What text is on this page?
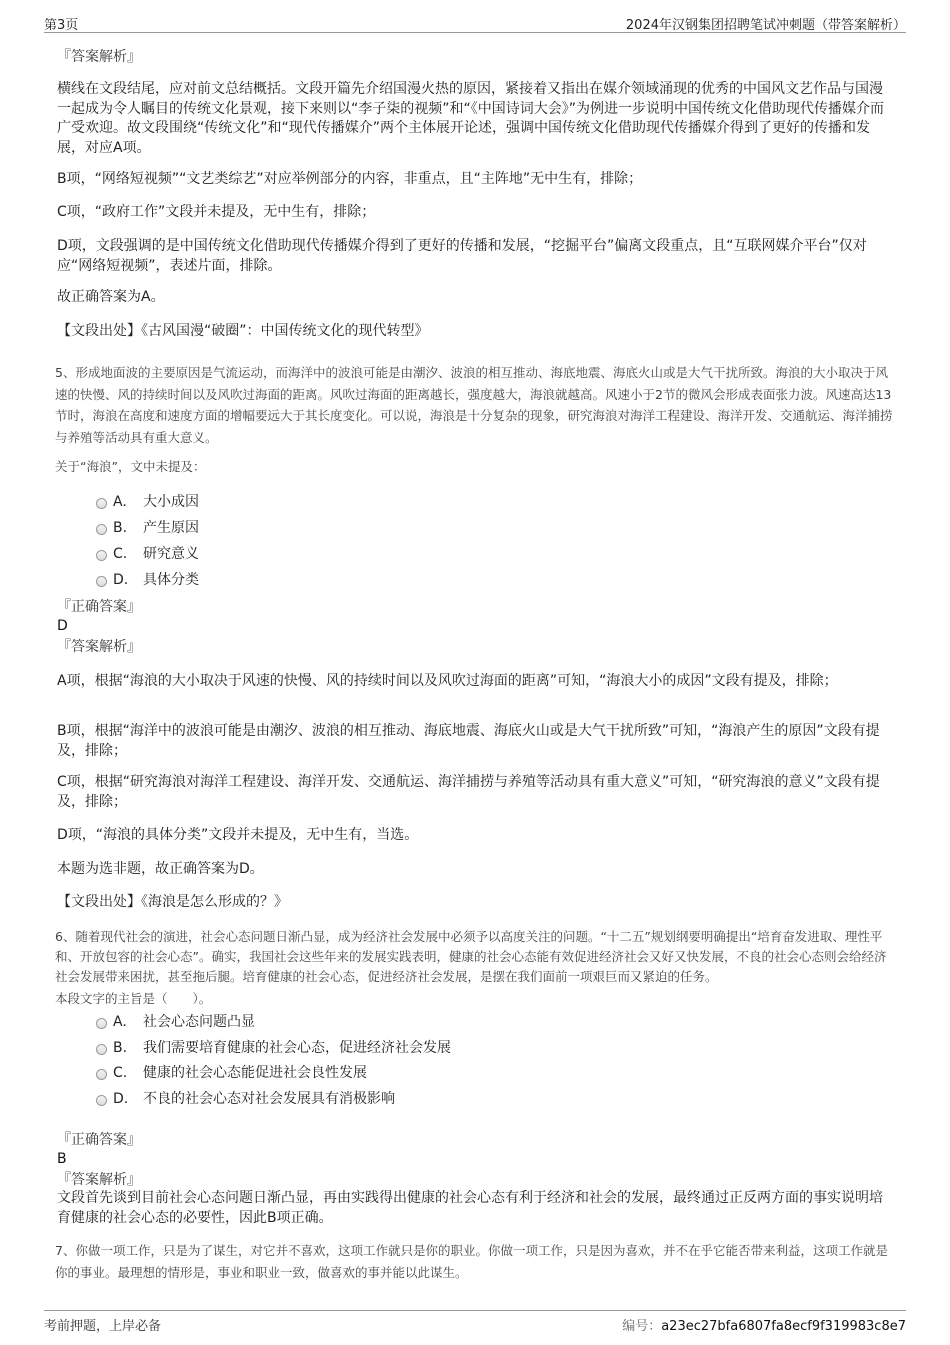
第3页	2024年汉钢集团招聘笔试冲刺题（带答案解析）
『答案解析』
横线在文段结尾，应对前文总结概括。文段开篇先介绍国漫火热的原因，紧接着又指出在媒介领域涌现的优秀的中国风文艺作品与国漫一起成为令人瞩目的传统文化景观，接下来则以“李子柒的视频”和“《中国诗词大会》”为例进一步说明中国传统文化借助现代传播媒介而广受欢迎。故文段围绕“传统文化”和“现代传播媒介”两个主体展开论述，强调中国传统文化借助现代传播媒介得到了更好的传播和发展，对应A项。
B项，“网络短视频”“文艺类综艺”对应举例部分的内容，非重点，且“主阵地”无中生有，排除；
C项，“政府工作”文段并未提及，无中生有，排除；
D项，文段强调的是中国传统文化借助现代传播媒介得到了更好的传播和发展，“挖掘平台”偏离文段重点，且“互联网媒介平台”仅对应“网络短视频”，表述片面，排除。
故正确答案为A。
【文段出处】《古风国漫“破圈”：中国传统文化的现代转型》
5、形成地面波的主要原因是气流运动，而海洋中的波浪可能是由潮汐、波浪的相互推动、海底地震、海底火山或是大气干扰所致。海浪的大小取决于风速的快慢、风的持续时间以及风吹过海面的距离。风吹过海面的距离越长，强度越大，海浪就越高。风速小于2节的微风会形成表面张力波。风速高达13节时，海浪在高度和速度方面的增幅要远大于其长度变化。可以说，海浪是十分复杂的现象，研究海浪对海洋工程建设、海洋开发、交通航运、海洋捕捞与养殖等活动具有重大意义。
关于“海浪”，文中未提及：
A. 大小成因
B. 产生原因
C. 研究意义
D. 具体分类
『正确答案』
D
『答案解析』
A项，根据“海浪的大小取决于风速的快慢、风的持续时间以及风吹过海面的距离”可知，“海浪大小的成因”文段有提及，排除；
B项，根据“海洋中的波浪可能是由潮汐、波浪的相互推动、海底地震、海底火山或是大气干扰所致”可知，“海浪产生的原因”文段有提及，排除；
C项，根据“研究海浪对海洋工程建设、海洋开发、交通航运、海洋捕捞与养殖等活动具有重大意义”可知，“研究海浪的意义”文段有提及，排除；
D项，“海浪的具体分类”文段并未提及，无中生有，当选。
本题为选非题，故正确答案为D。
【文段出处】《海浪是怎么形成的？》
6、随着现代社会的演进，社会心态问题日渐凸显，成为经济社会发展中必须予以高度关注的问题。“十二五”规划纲要明确提出“培育奋发进取、理性平和、开放包容的社会心态”。确实，我国社会这些年来的发展实践表明，健康的社会心态能有效促进经济社会又好又快发展，不良的社会心态则会给经济社会发展带来困扰，甚至拖后腿。培育健康的社会心态，促进经济社会发展，是摆在我们面前一项艰巨而又紧迫的任务。
本段文字的主旨是（　　）。
A. 社会心态问题凸显
B. 我们需要培育健康的社会心态，促进经济社会发展
C. 健康的社会心态能促进社会良性发展
D. 不良的社会心态对社会发展具有消极影响
『正确答案』
B
『答案解析』
文段首先谈到目前社会心态问题日渐凸显，再由实践得出健康的社会心态有利于经济和社会的发展，最终通过正反两方面的事实说明培育健康的社会心态的必要性，因此B项正确。
7、你做一项工作，只是为了谋生，对它并不喜欢，这项工作就只是你的职业。你做一项工作，只是因为喜欢，并不在乎它能否带来利益，这项工作就是你的事业。最理想的情形是，事业和职业一致，做喜欢的事并能以此谋生。
考前押题，上岸必备	编号：a23ec27bfa6807fa8ecf9f319983c8e7
